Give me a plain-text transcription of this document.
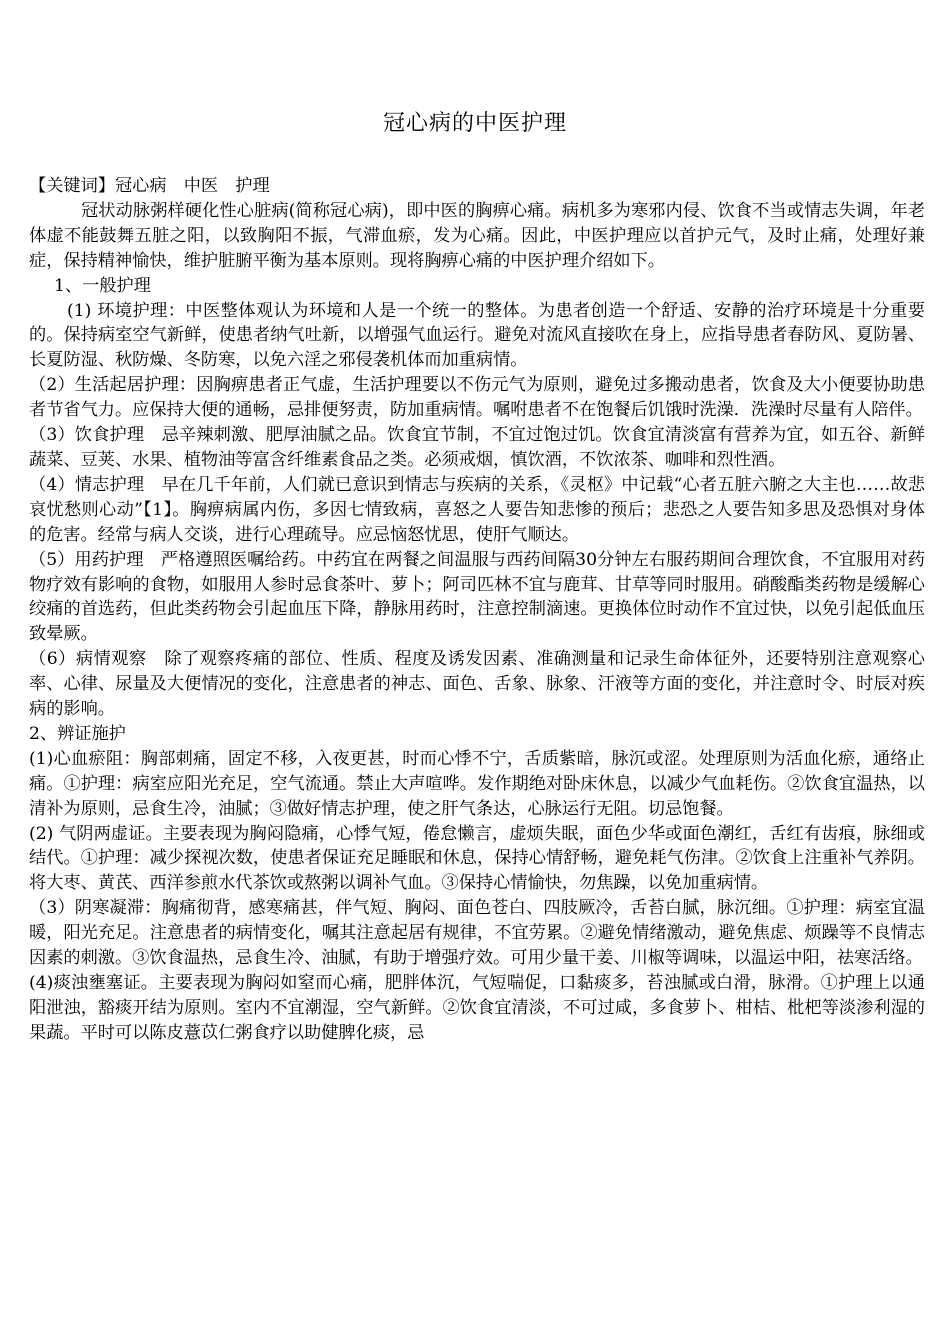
冠心病的中医护理

【关键词】冠心病　中医　护理

冠状动脉粥样硬化性心脏病(简称冠心病)，即中医的胸痹心痛。病机多为寒邪内侵、饮食不当或情志失调，年老体虚不能鼓舞五脏之阳，以致胸阳不振，气滞血瘀，发为心痛。因此，中医护理应以首护元气，及时止痛，处理好兼症，保持精神愉快，维护脏腑平衡为基本原则。现将胸痹心痛的中医护理介绍如下。

1、一般护理

(1) 环境护理：中医整体观认为环境和人是一个统一的整体。为患者创造一个舒适、安静的治疗环境是十分重要的。保持病室空气新鲜，使患者纳气吐新，以增强气血运行。避免对流风直接吹在身上，应指导患者春防风、夏防暑、长夏防湿、秋防燥、冬防寒，以免六淫之邪侵袭机体而加重病情。

（2）生活起居护理：因胸痹患者正气虚，生活护理要以不伤元气为原则，避免过多搬动患者，饮食及大小便要协助患者节省气力。应保持大便的通畅，忌排便努责，防加重病情。嘱咐患者不在饱餐后饥饿时洗澡．洗澡时尽量有人陪伴。

（3）饮食护理　忌辛辣刺激、肥厚油腻之品。饮食宜节制，不宜过饱过饥。饮食宜清淡富有营养为宜，如五谷、新鲜蔬菜、豆荚、水果、植物油等富含纤维素食品之类。必须戒烟，慎饮酒，不饮浓茶、咖啡和烈性酒。

（4）情志护理　早在几千年前，人们就已意识到情志与疾病的关系，《灵枢》中记载“心者五脏六腑之大主也……故悲哀忧愁则心动”【1】。胸痹病属内伤，多因七情致病，喜怒之人要告知悲惨的预后；悲恐之人要告知多思及恐惧对身体的危害。经常与病人交谈，进行心理疏导。应忌恼怒忧思，使肝气顺达。

（5）用药护理　严格遵照医嘱给药。中药宜在两餐之间温服与西药间隔30分钟左右服药期间合理饮食，不宜服用对药物疗效有影响的食物，如服用人参时忌食茶叶、萝卜；阿司匹林不宜与鹿茸、甘草等同时服用。硝酸酯类药物是缓解心绞痛的首选药，但此类药物会引起血压下降，静脉用药时，注意控制滴速。更换体位时动作不宜过快，以免引起低血压致晕厥。

（6）病情观察　除了观察疼痛的部位、性质、程度及诱发因素、准确测量和记录生命体征外，还要特别注意观察心率、心律、尿量及大便情况的变化，注意患者的神志、面色、舌象、脉象、汗液等方面的变化，并注意时令、时辰对疾病的影响。

2、辨证施护

(1)心血瘀阻：胸部刺痛，固定不移，入夜更甚，时而心悸不宁，舌质紫暗，脉沉或涩。处理原则为活血化瘀，通络止痛。①护理：病室应阳光充足，空气流通。禁止大声喧哗。发作期绝对卧床休息，以减少气血耗伤。②饮食宜温热，以清补为原则，忌食生冷，油腻；③做好情志护理，使之肝气条达，心脉运行无阻。切忌饱餐。

(2) 气阴两虚证。主要表现为胸闷隐痛，心悸气短，倦怠懒言，虚烦失眠，面色少华或面色潮红，舌红有齿痕，脉细或结代。①护理：减少探视次数，使患者保证充足睡眠和休息，保持心情舒畅，避免耗气伤津。②饮食上注重补气养阴。将大枣、黄芪、西洋参煎水代茶饮或熬粥以调补气血。③保持心情愉快，勿焦躁，以免加重病情。

（3）阴寒凝滞：胸痛彻背，感寒痛甚，伴气短、胸闷、面色苍白、四肢厥冷，舌苔白腻，脉沉细。①护理：病室宜温暖，阳光充足。注意患者的病情变化，嘱其注意起居有规律，不宜劳累。②避免情绪激动，避免焦虑、烦躁等不良情志因素的刺激。③饮食温热，忌食生冷、油腻，有助于增强疗效。可用少量干姜、川椒等调味，以温运中阳，祛寒活络。

(4)痰浊壅塞证。主要表现为胸闷如窒而心痛，肥胖体沉，气短喘促，口黏痰多，苔浊腻或白滑，脉滑。①护理上以通阳泄浊，豁痰开结为原则。室内不宜潮湿，空气新鲜。②饮食宜清淡，不可过咸，多食萝卜、柑桔、枇杷等淡渗利湿的果蔬。平时可以陈皮薏苡仁粥食疗以助健脾化痰，忌
